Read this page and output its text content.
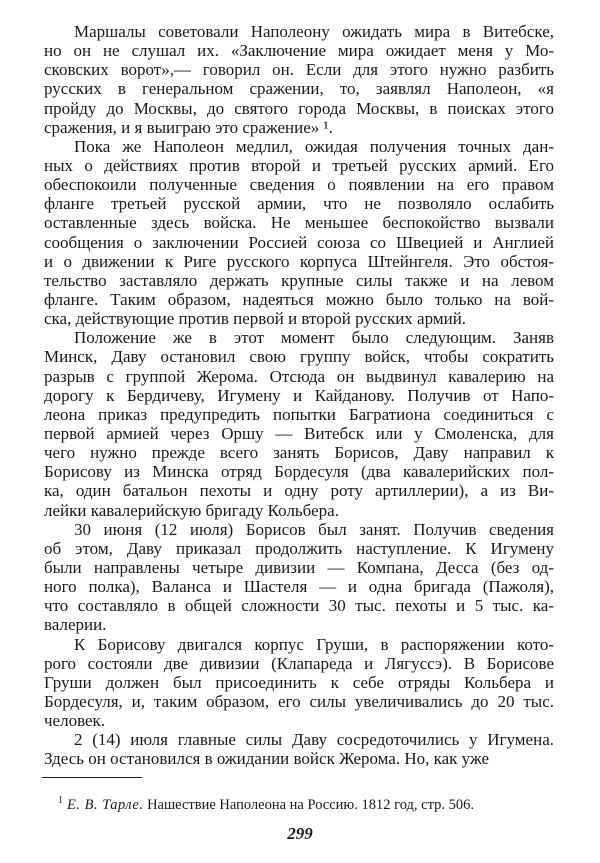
Маршалы советовали Наполеону ожидать мира в Витебске,
но он не слушал их. «Заключение мира ожидает меня у Мо-
сковских ворот»,— говорил он. Если для этого нужно разбить
русских в генеральном сражении, то, заявлял Наполеон, «я
пройду до Москвы, до святого города Москвы, в поисках этого
сражения, и я выиграю это сражение» ¹.
Пока же Наполеон медлил, ожидая получения точных дан-
ных о действиях против второй и третьей русских армий. Его
обеспокоили полученные сведения о появлении на его правом
фланге третьей русской армии, что не позволяло ослабить
оставленные здесь войска. Не меньшее беспокойство вызвали
сообщения о заключении Россией союза со Швецией и Англией
и о движении к Риге русского корпуса Штейнгеля. Это обстоя-
тельство заставляло держать крупные силы также и на левом
фланге. Таким образом, надеяться можно было только на вой-
ска, действующие против первой и второй русских армий.
Положение же в этот момент было следующим. Заняв
Минск, Даву остановил свою группу войск, чтобы сократить
разрыв с группой Жерома. Отсюда он выдвинул кавалерию на
дорогу к Бердичеву, Игумену и Кайданову. Получив от Напо-
леона приказ предупредить попытки Багратиона соединиться с
первой армией через Оршу — Витебск или у Смоленска, для
чего нужно прежде всего занять Борисов, Даву направил к
Борисову из Минска отряд Бордесуля (два кавалерийских пол-
ка, один батальон пехоты и одну роту артиллерии), а из Ви-
лейки кавалерийскую бригаду Кольбера.
30 июня (12 июля) Борисов был занят. Получив сведения
об этом, Даву приказал продолжить наступление. К Игумену
были направлены четыре дивизии — Компана, Десса (без од-
ного полка), Валанса и Шастеля — и одна бригада (Пажоля),
что составляло в общей сложности 30 тыс. пехоты и 5 тыс. ка-
валерии.
К Борисову двигался корпус Груши, в распоряжении кото-
рого состояли две дивизии (Клапареда и Лягуссэ). В Борисове
Груши должен был присоединить к себе отряды Кольбера и
Бордесуля, и, таким образом, его силы увеличивались до 20 тыс.
человек.
2 (14) июля главные силы Даву сосредоточились у Игумена.
Здесь он остановился в ожидании войск Жерома. Но, как уже
$^1$ Е. В. Тарле. Нашествие Наполеона на Россию. 1812 год, стр. 506.
299
